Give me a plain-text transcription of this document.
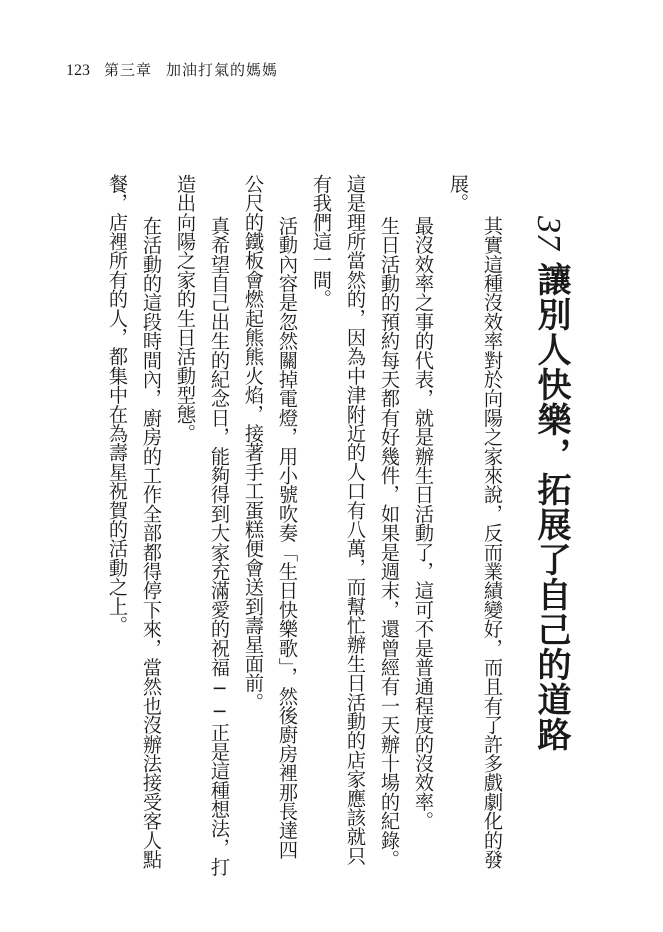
123 第三章 加油打氣的媽媽
37
讓別人快樂，拓展了自己的道路
其實這種沒效率對於向陽之家來說，反而業績變好，而且有了許多戲劇化的發
展。
最沒效率之事的代表，就是辦生日活動了，這可不是普通程度的沒效率。
生日活動的預約每天都有好幾件，如果是週末，還曾經有一天辦十場的紀錄。
這是理所當然的，因為中津附近的人口有八萬，而幫忙辦生日活動的店家應該就只
有我們這一間。
活動內容是忽然關掉電燈，用小號吹奏「生日快樂歌」，然後廚房裡那長達四
公尺的鐵板會燃起熊熊火焰，接著手工蛋糕便會送到壽星面前。
真希望自己出生的紀念日，能夠得到大家充滿愛的祝福──正是這種想法，打
造出向陽之家的生日活動型態。
在活動的這段時間內，廚房的工作全部都得停下來，當然也沒辦法接受客人點
餐，店裡所有的人，都集中在為壽星祝賀的活動之上。
